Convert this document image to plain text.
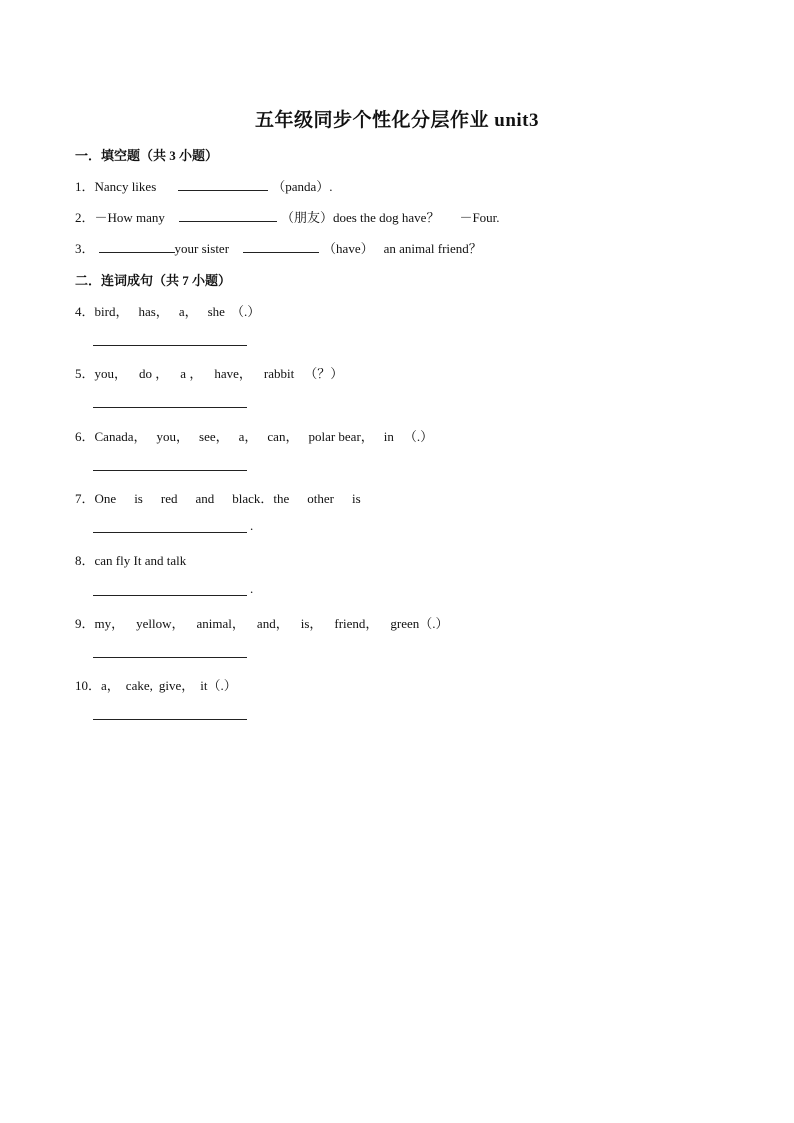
五年级同步个性化分层作业 unit3
一．填空题（共 3 小题）
1．Nancy likes	（panda）.
2．－How many	（朋友）does the dog have？ －Four.
3．	your sister	（have） an animal friend？
二．连词成句（共 7 小题）
4．bird， has， a， she （.）
5．you， do ， a ， have， rabbit （？）
6．Canada， you， see， a， can， polar bear， in （.）
7．One is red and black．the other is
.
8．can fly It and talk
.
9．my， yellow， animal， and， is， friend， green（.）
10．a， cake, give， it（.）
